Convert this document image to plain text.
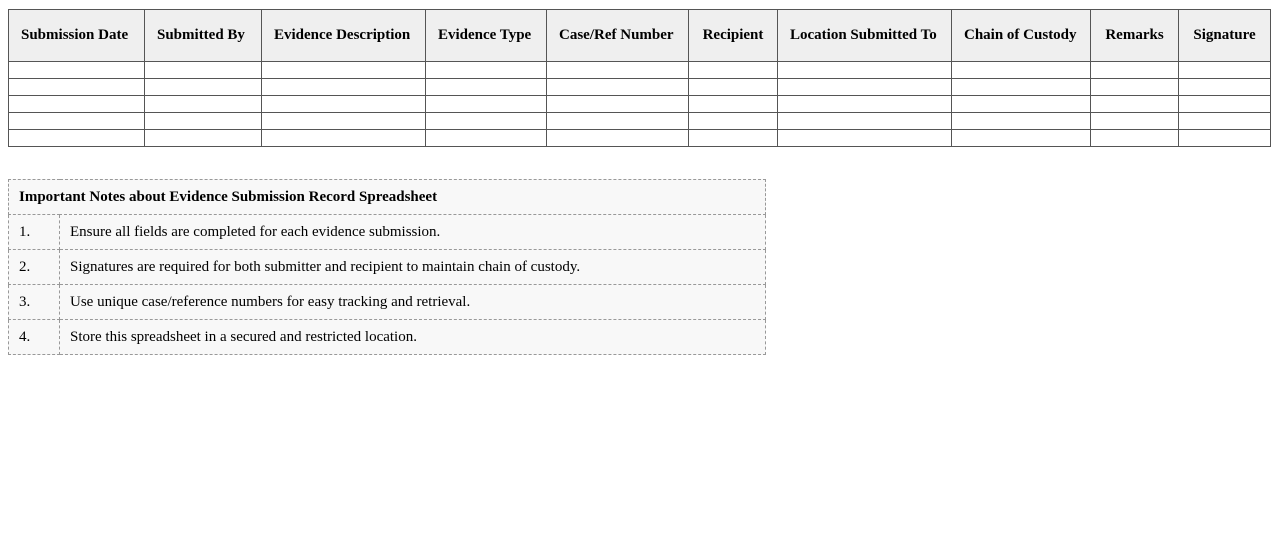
Submission Date	Submitted By	Evidence Description	Evidence Type	Case/Ref Number	Recipient	Location Submitted To	Chain of Custody	Remarks	Signature

Important Notes about Evidence Submission Record Spreadsheet	
1.	Ensure all fields are completed for each evidence submission.
2.	Signatures are required for both submitter and recipient to maintain chain of custody.
3.	Use unique case/reference numbers for easy tracking and retrieval.
4.	Store this spreadsheet in a secured and restricted location.
